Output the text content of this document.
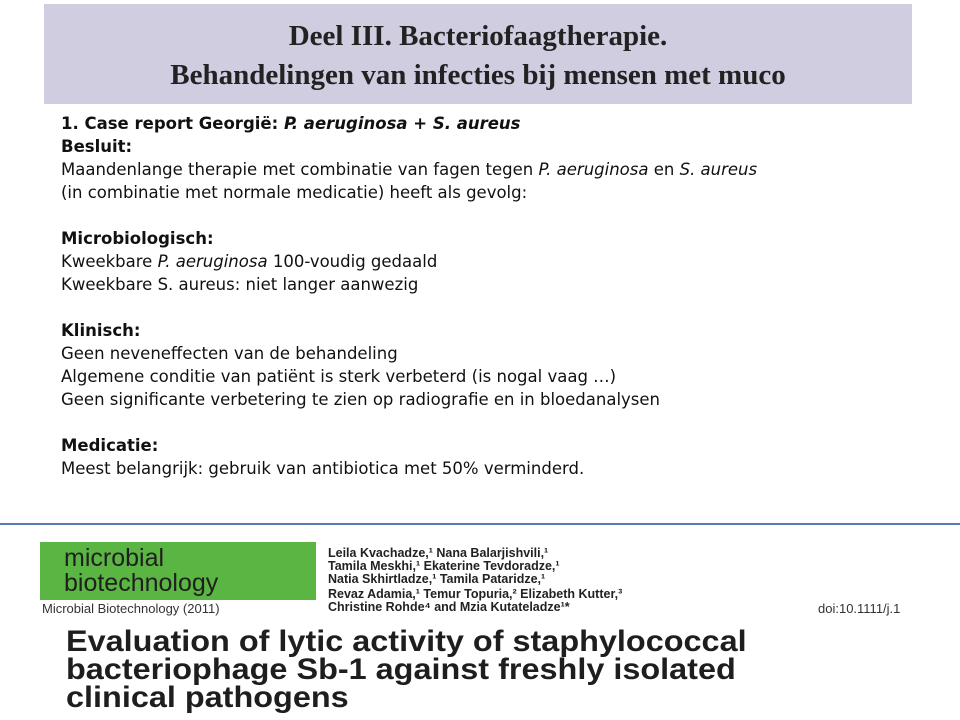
Deel III. Bacteriofaagtherapie.
Behandelingen van infecties bij mensen met muco
1. Case report Georgië: P. aeruginosa + S. aureus
Besluit:
Maandenlange therapie met combinatie van fagen tegen P. aeruginosa en S. aureus
(in combinatie met normale medicatie) heeft als gevolg:
Microbiologisch:
Kweekbare P. aeruginosa 100-voudig gedaald
Kweekbare S. aureus: niet langer aanwezig
Klinisch:
Geen neveneffecten van de behandeling
Algemene conditie van patiënt is sterk verbeterd (is nogal vaag …)
Geen significante verbetering te zien op radiografie en in bloedanalysen
Medicatie:
Meest belangrijk: gebruik van antibiotica met 50% verminderd.
microbial
biotechnology
Leila Kvachadze,¹ Nana Balarjishvili,¹
Tamila Meskhi,¹ Ekaterine Tevdoradze,¹
Natia Skhirtladze,¹ Tamila Pataridze,¹
Revaz Adamia,¹ Temur Topuria,² Elizabeth Kutter,³
Christine Rohde⁴ and Mzia Kutateladze¹*
Microbial Biotechnology (2011)	doi:10.1111/j.1
Evaluation of lytic activity of staphylococcal
bacteriophage Sb-1 against freshly isolated
clinical pathogens
